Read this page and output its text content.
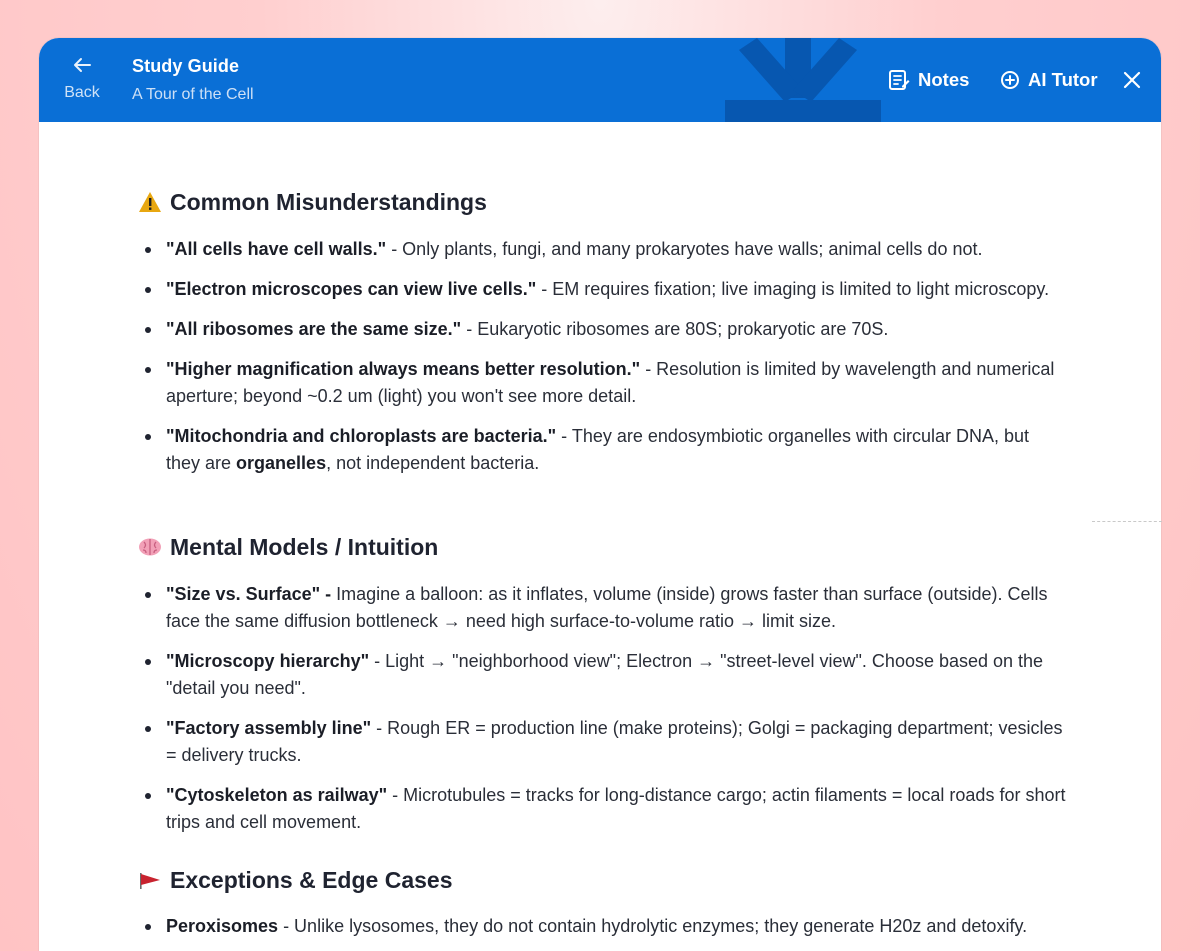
Back
Study Guide
A Tour of the Cell
Notes	AI Tutor
Common Misunderstandings
"All cells have cell walls." - Only plants, fungi, and many prokaryotes have walls; animal cells do not.
"Electron microscopes can view live cells." - EM requires fixation; live imaging is limited to light microscopy.
"All ribosomes are the same size." - Eukaryotic ribosomes are 80S; prokaryotic are 70S.
"Higher magnification always means better resolution." - Resolution is limited by wavelength and numerical aperture; beyond ~0.2 um (light) you won't see more detail.
"Mitochondria and chloroplasts are bacteria." - They are endosymbiotic organelles with circular DNA, but they are organelles, not independent bacteria.
Mental Models / Intuition
"Size vs. Surface" - Imagine a balloon: as it inflates, volume (inside) grows faster than surface (outside). Cells face the same diffusion bottleneck → need high surface-to-volume ratio → limit size.
"Microscopy hierarchy" - Light → "neighborhood view"; Electron → "street-level view". Choose based on the "detail you need".
"Factory assembly line" - Rough ER = production line (make proteins); Golgi = packaging department; vesicles = delivery trucks.
"Cytoskeleton as railway" - Microtubules = tracks for long-distance cargo; actin filaments = local roads for short trips and cell movement.
Exceptions & Edge Cases
Peroxisomes - Unlike lysosomes, they do not contain hydrolytic enzymes; they generate H20z and detoxify.
